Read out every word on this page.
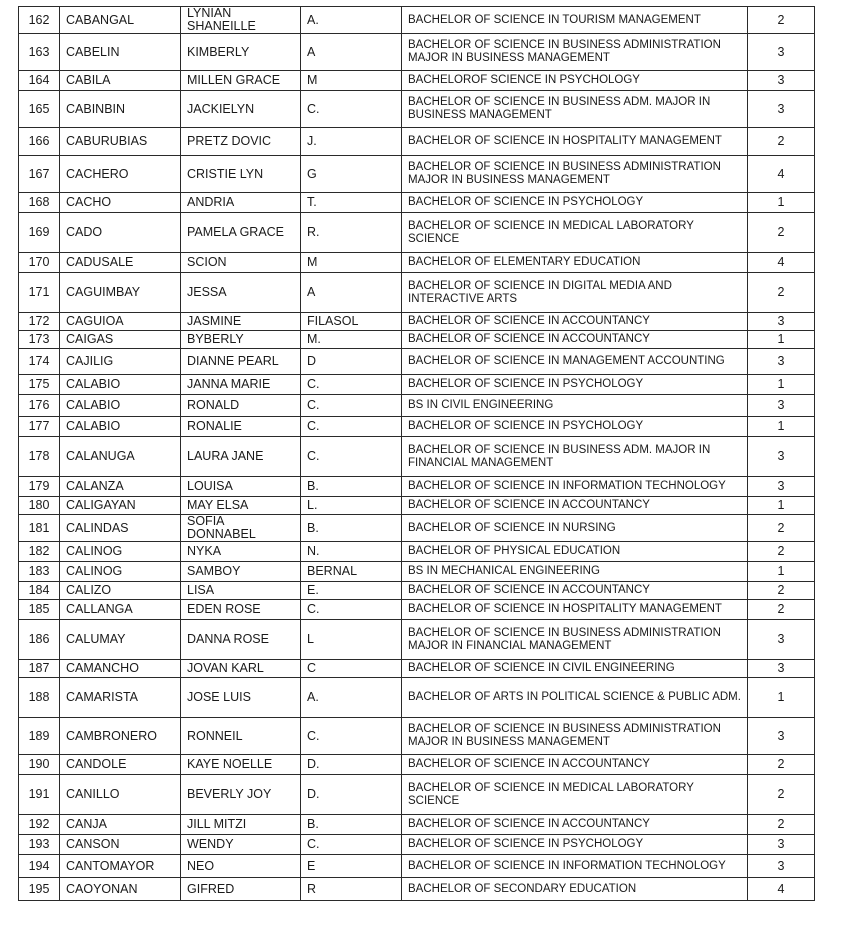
162	CABANGAL	LYNIAN SHANEILLE	A.	BACHELOR OF SCIENCE IN TOURISM MANAGEMENT	2
163	CABELIN	KIMBERLY	A	BACHELOR OF SCIENCE IN BUSINESS ADMINISTRATION MAJOR IN BUSINESS MANAGEMENT	3
164	CABILA	MILLEN GRACE	M	BACHELOROF SCIENCE IN PSYCHOLOGY	3
165	CABINBIN	JACKIELYN	C.	BACHELOR OF SCIENCE IN BUSINESS ADM. MAJOR IN BUSINESS MANAGEMENT	3
166	CABURUBIAS	PRETZ DOVIC	J.	BACHELOR OF SCIENCE IN HOSPITALITY MANAGEMENT	2
167	CACHERO	CRISTIE LYN	G	BACHELOR OF SCIENCE IN BUSINESS ADMINISTRATION MAJOR IN BUSINESS MANAGEMENT	4
168	CACHO	ANDRIA	T.	BACHELOR OF SCIENCE IN PSYCHOLOGY	1
169	CADO	PAMELA GRACE	R.	BACHELOR OF SCIENCE IN MEDICAL LABORATORY SCIENCE	2
170	CADUSALE	SCION	M	BACHELOR OF ELEMENTARY EDUCATION	4
171	CAGUIMBAY	JESSA	A	BACHELOR OF SCIENCE IN DIGITAL MEDIA AND INTERACTIVE ARTS	2
172	CAGUIOA	JASMINE	FILASOL	BACHELOR OF SCIENCE IN ACCOUNTANCY	3
173	CAIGAS	BYBERLY	M.	BACHELOR OF SCIENCE IN ACCOUNTANCY	1
174	CAJILIG	DIANNE PEARL	D	BACHELOR OF SCIENCE IN MANAGEMENT ACCOUNTING	3
175	CALABIO	JANNA MARIE	C.	BACHELOR OF SCIENCE IN PSYCHOLOGY	1
176	CALABIO	RONALD	C.	BS IN CIVIL ENGINEERING	3
177	CALABIO	RONALIE	C.	BACHELOR OF SCIENCE IN PSYCHOLOGY	1
178	CALANUGA	LAURA JANE	C.	BACHELOR OF SCIENCE IN BUSINESS ADM. MAJOR IN FINANCIAL MANAGEMENT	3
179	CALANZA	LOUISA	B.	BACHELOR OF SCIENCE IN INFORMATION TECHNOLOGY	3
180	CALIGAYAN	MAY ELSA	L.	BACHELOR OF SCIENCE IN ACCOUNTANCY	1
181	CALINDAS	SOFIA DONNABEL	B.	BACHELOR OF SCIENCE IN NURSING	2
182	CALINOG	NYKA	N.	BACHELOR OF PHYSICAL EDUCATION	2
183	CALINOG	SAMBOY	BERNAL	BS IN MECHANICAL ENGINEERING	1
184	CALIZO	LISA	E.	BACHELOR OF SCIENCE IN ACCOUNTANCY	2
185	CALLANGA	EDEN ROSE	C.	BACHELOR OF SCIENCE IN HOSPITALITY MANAGEMENT	2
186	CALUMAY	DANNA ROSE	L	BACHELOR OF SCIENCE IN BUSINESS ADMINISTRATION MAJOR IN FINANCIAL MANAGEMENT	3
187	CAMANCHO	JOVAN KARL	C	BACHELOR OF SCIENCE IN CIVIL ENGINEERING	3
188	CAMARISTA	JOSE LUIS	A.	BACHELOR OF ARTS IN POLITICAL SCIENCE & PUBLIC ADM.	1
189	CAMBRONERO	RONNEIL	C.	BACHELOR OF SCIENCE IN BUSINESS ADMINISTRATION MAJOR IN BUSINESS MANAGEMENT	3
190	CANDOLE	KAYE NOELLE	D.	BACHELOR OF SCIENCE IN ACCOUNTANCY	2
191	CANILLO	BEVERLY JOY	D.	BACHELOR OF SCIENCE IN MEDICAL LABORATORY SCIENCE	2
192	CANJA	JILL MITZI	B.	BACHELOR OF SCIENCE IN ACCOUNTANCY	2
193	CANSON	WENDY	C.	BACHELOR OF SCIENCE IN PSYCHOLOGY	3
194	CANTOMAYOR	NEO	E	BACHELOR OF SCIENCE IN INFORMATION TECHNOLOGY	3
195	CAOYONAN	GIFRED	R	BACHELOR OF SECONDARY EDUCATION	4
